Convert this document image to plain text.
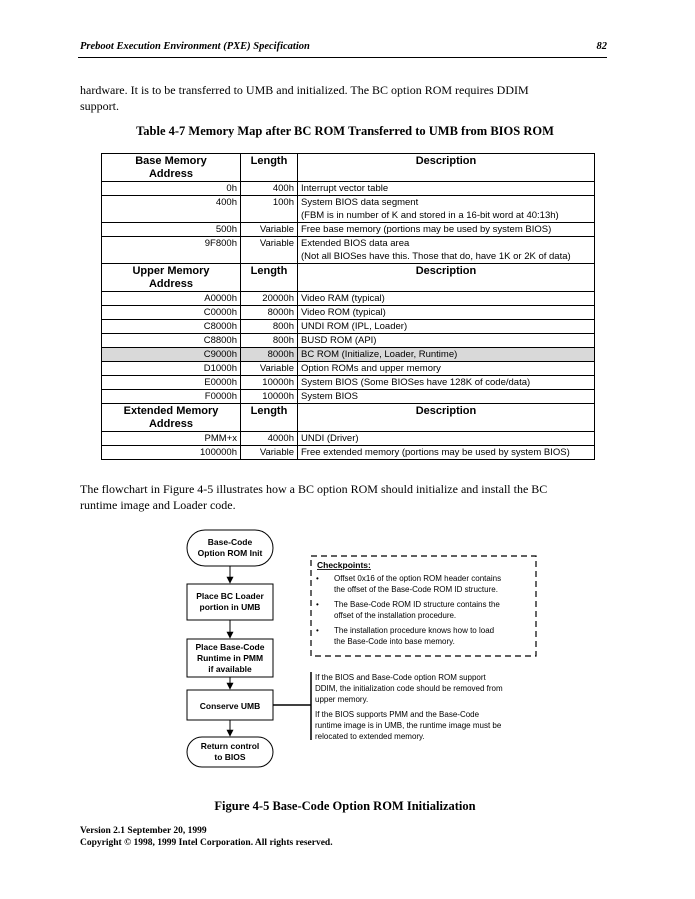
Preboot Execution Environment (PXE) Specification	82
hardware. It is to be transferred to UMB and initialized. The BC option ROM requires DDIM
support.
Table 4-7 Memory Map after BC ROM Transferred to UMB from BIOS ROM
Base Memory
Address	Length	Description
0h	400h	Interrupt vector table

400h	100h	System BIOS data segment
(FBM is in number of K and stored in a 16-bit word at 40:13h)

500h	Variable	Free base memory (portions may be used by system BIOS)

9F800h	Variable	Extended BIOS data area
(Not all BIOSes have this. Those that do, have 1K or 2K of data)

Upper Memory
Address	Length	Description
A0000h	20000h	Video RAM (typical)

C0000h	8000h	Video ROM (typical)

C8000h	800h	UNDI ROM (IPL, Loader)

C8800h	800h	BUSD ROM (API)

C9000h	8000h	BC ROM (Initialize, Loader, Runtime)

D1000h	Variable	Option ROMs and upper memory

E0000h	10000h	System BIOS (Some BIOSes have 128K of code/data)

F0000h	10000h	System BIOS

Extended Memory
Address	Length	Description
PMM+x	4000h	UNDI (Driver)

100000h	Variable	Free extended memory (portions may be used by system BIOS)
The flowchart in Figure 4-5 illustrates how a BC option ROM should initialize and install the BC
runtime image and Loader code.
Base-Code
Option ROM Init
Place BC Loader
portion in UMB
Place Base-Code
Runtime in PMM
if available
Conserve UMB
Return control
to BIOS
Checkpoints:
• Offset 0x16 of the option ROM header contains
the offset of the Base-Code ROM ID structure.
• The Base-Code ROM ID structure contains the
offset of the installation procedure.
• The installation procedure knows how to load
the Base-Code into base memory.
If the BIOS and Base-Code option ROM support
DDIM, the initialization code should be removed from
upper memory.
If the BIOS supports PMM and the Base-Code
runtime image is in UMB, the runtime image must be
relocated to extended memory.
Figure 4-5 Base-Code Option ROM Initialization
Version 2.1 September 20, 1999
Copyright © 1998, 1999 Intel Corporation. All rights reserved.
